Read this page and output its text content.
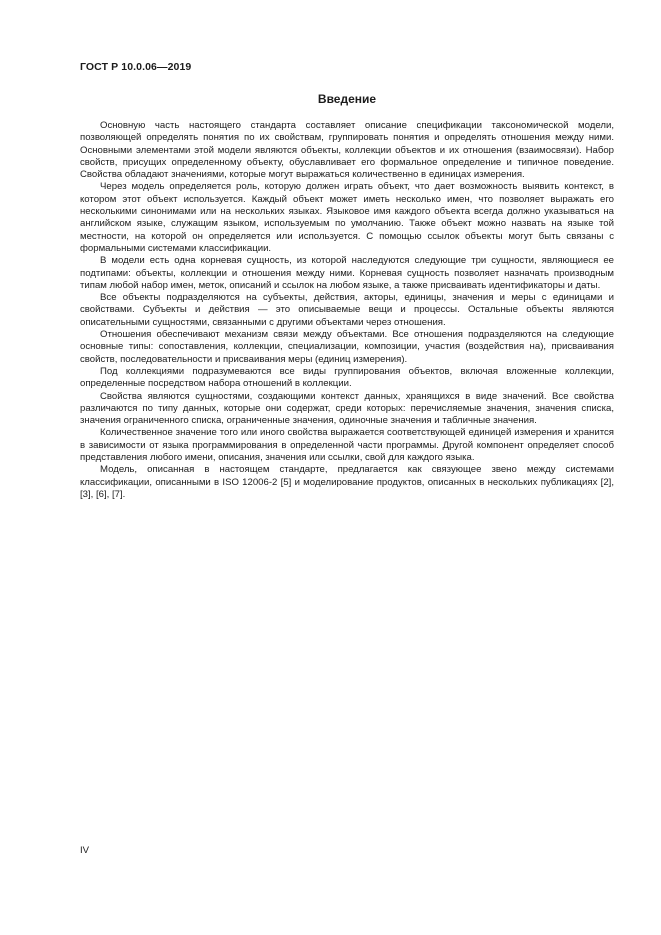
ГОСТ Р 10.0.06—2019
Введение

Основную часть настоящего стандарта составляет описание спецификации таксономической модели, позволяющей определять понятия по их свойствам, группировать понятия и определять отношения между ними. Основными элементами этой модели являются объекты, коллекции объектов и их отношения (взаимосвязи). Набор свойств, присущих определенному объекту, обуславливает его формальное определение и типичное поведение. Свойства обладают значениями, которые могут выражаться количественно в единицах измерения.

Через модель определяется роль, которую должен играть объект, что дает возможность выявить контекст, в котором этот объект используется. Каждый объект может иметь несколько имен, что позволяет выражать его несколькими синонимами или на нескольких языках. Языковое имя каждого объекта всегда должно указываться на английском языке, служащим языком, используемым по умолчанию. Также объект можно назвать на языке той местности, на которой он определяется или используется. С помощью ссылок объекты могут быть связаны с формальными системами классификации.

В модели есть одна корневая сущность, из которой наследуются следующие три сущности, являющиеся ее подтипами: объекты, коллекции и отношения между ними. Корневая сущность позволяет назначать производным типам любой набор имен, меток, описаний и ссылок на любом языке, а также присваивать идентификаторы и даты.

Все объекты подразделяются на субъекты, действия, акторы, единицы, значения и меры с единицами и свойствами. Субъекты и действия — это описываемые вещи и процессы. Остальные объекты являются описательными сущностями, связанными с другими объектами через отношения.

Отношения обеспечивают механизм связи между объектами. Все отношения подразделяются на следующие основные типы: сопоставления, коллекции, специализации, композиции, участия (воздействия на), присваивания свойств, последовательности и присваивания меры (единиц измерения).

Под коллекциями подразумеваются все виды группирования объектов, включая вложенные коллекции, определенные посредством набора отношений в коллекции.

Свойства являются сущностями, создающими контекст данных, хранящихся в виде значений. Все свойства различаются по типу данных, которые они содержат, среди которых: перечисляемые значения, значения списка, значения ограниченного списка, ограниченные значения, одиночные значения и табличные значения.

Количественное значение того или иного свойства выражается соответствующей единицей измерения и хранится в зависимости от языка программирования в определенной части программы. Другой компонент определяет способ представления любого имени, описания, значения или ссылки, свой для каждого языка.

Модель, описанная в настоящем стандарте, предлагается как связующее звено между системами классификации, описанными в ISO 12006-2 [5] и моделирование продуктов, описанных в нескольких публикациях [2], [3], [6], [7].

IV
